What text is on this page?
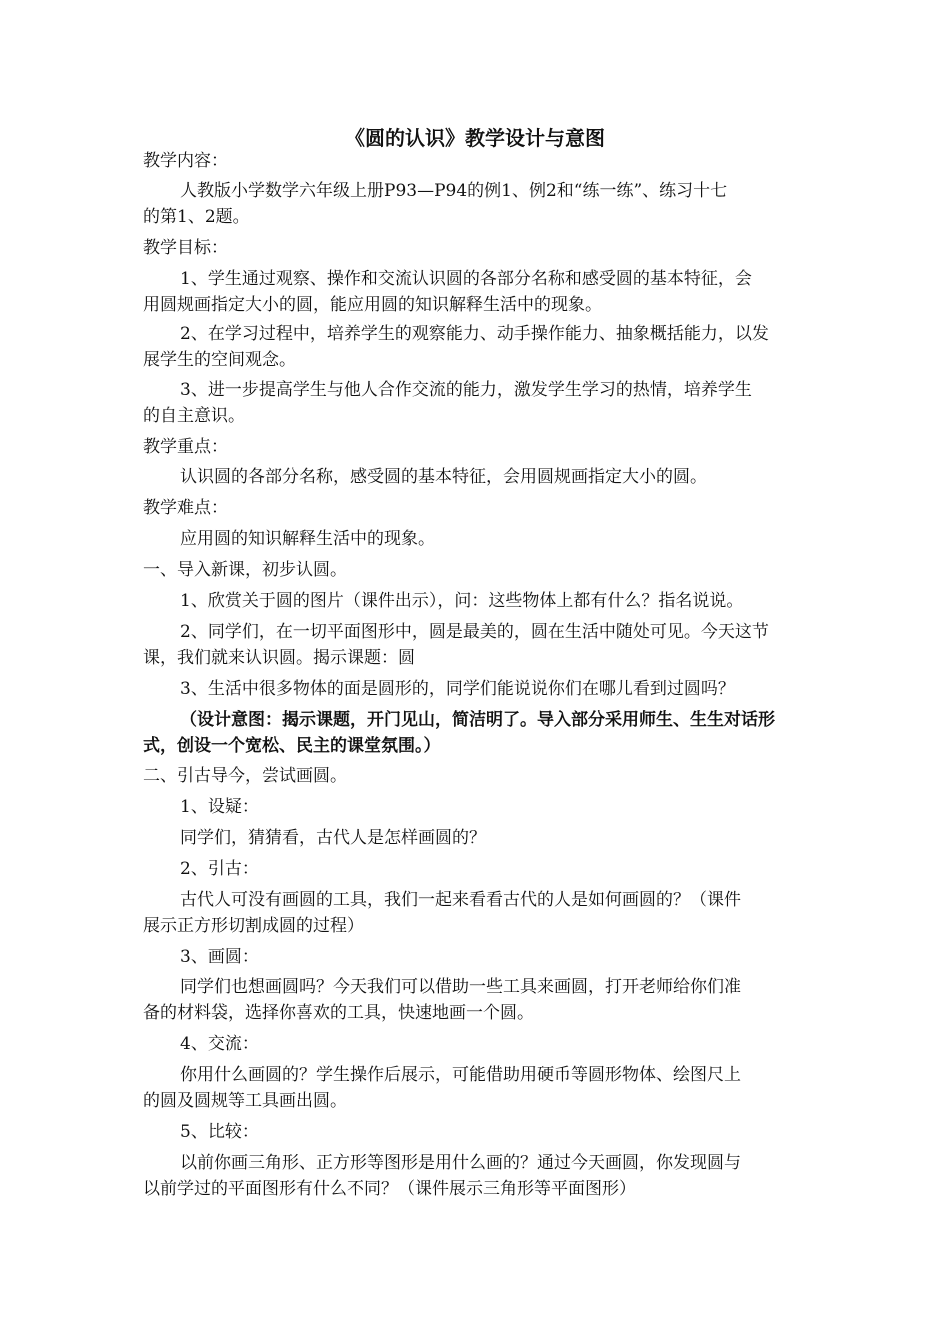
《圆的认识》教学设计与意图
教学内容：
人教版小学数学六年级上册P93—P94的例1、例2和“练一练”、练习十七
的第1、2题。
教学目标：
1、学生通过观察、操作和交流认识圆的各部分名称和感受圆的基本特征，会
用圆规画指定大小的圆，能应用圆的知识解释生活中的现象。
2、在学习过程中，培养学生的观察能力、动手操作能力、抽象概括能力，以发
展学生的空间观念。
3、进一步提高学生与他人合作交流的能力，激发学生学习的热情，培养学生
的自主意识。
教学重点：
认识圆的各部分名称，感受圆的基本特征，会用圆规画指定大小的圆。
教学难点：
应用圆的知识解释生活中的现象。
一、导入新课，初步认圆。
1、欣赏关于圆的图片（课件出示），问：这些物体上都有什么？指名说说。
2、同学们，在一切平面图形中，圆是最美的，圆在生活中随处可见。今天这节
课，我们就来认识圆。揭示课题：圆
3、生活中很多物体的面是圆形的，同学们能说说你们在哪儿看到过圆吗？
（设计意图：揭示课题，开门见山，简洁明了。导入部分采用师生、生生对话形
式，创设一个宽松、民主的课堂氛围。）
二、引古导今，尝试画圆。
1、设疑：
同学们，猜猜看，古代人是怎样画圆的？
2、引古：
古代人可没有画圆的工具，我们一起来看看古代的人是如何画圆的？（课件
展示正方形切割成圆的过程）
3、画圆：
同学们也想画圆吗？今天我们可以借助一些工具来画圆，打开老师给你们准
备的材料袋，选择你喜欢的工具，快速地画一个圆。
4、交流：
你用什么画圆的？学生操作后展示，可能借助用硬币等圆形物体、绘图尺上
的圆及圆规等工具画出圆。
5、比较：
以前你画三角形、正方形等图形是用什么画的？通过今天画圆，你发现圆与
以前学过的平面图形有什么不同？（课件展示三角形等平面图形）
